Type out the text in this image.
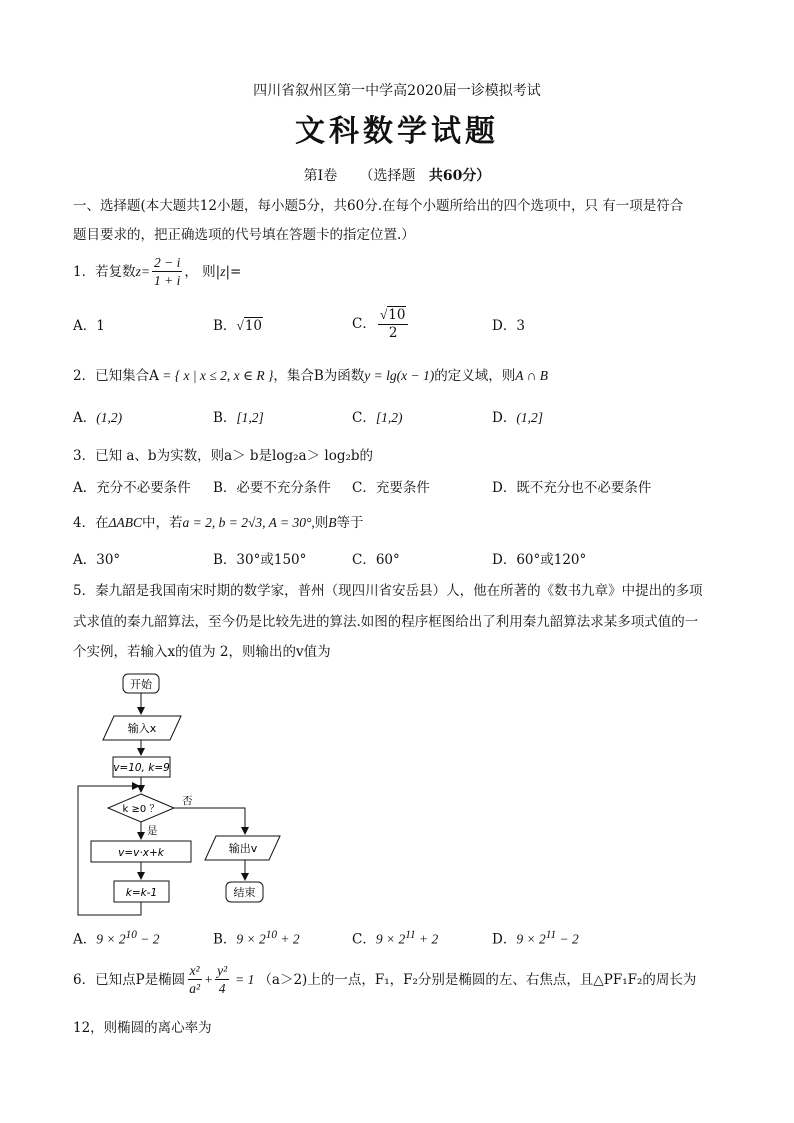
四川省叙州区第一中学高2020届一诊模拟考试
文科数学试题
第Ⅰ卷 （选择题 共60分）
一、选择题(本大题共12小题，每小题5分，共60分.在每个小题所给出的四个选项中，只 有一项是符合
题目要求的，把正确选项的代号填在答题卡的指定位置.）
1．若复数 $z = \frac{2 - i}{1 + i}$ ， 则| z |=
A．1	B．√10	C． $\frac{√10}{2}$	D．3
2．已知集合A = { x | x ≤ 2, x ∈ R }，集合B为函数y = lg(x − 1)的定义域，则A ∩ B
A．(1,2)	B．[1,2]	C．[1,2)	D．(1,2]
3．已知 a、b为实数，则a＞ b是log₂a＞ log₂b的
A．充分不必要条件 B．必要不充分条件 C．充要条件	D．既不充分也不必要条件
4．在ΔABC中，若a = 2, b = 2√3, A = 30°,则B等于
A．30°	B．30°或150°	C．60°	D．60°或120°
5．秦九韶是我国南宋时期的数学家，普州（现四川省安岳县）人，他在所著的《数书九章》中提出的多项
式求值的秦九韶算法，至今仍是比较先进的算法.如图的程序框图给出了利用秦九韶算法求某多项式值的一
个实例，若输入x的值为 2，则输出的v值为
开始
输入x
v=10, k=9
k ≥0 ？
否
是
v=v·x+k
k=k-1
输出v
结束
A．$9 \times 2^{10} - 2$	B．$9 \times 2^{10} + 2$	C．$9 \times 2^{11} + 2$	D．$9 \times 2^{11} - 2$
6．已知点P是椭圆 $\frac{\text{x²}}{\text{a²}} + \frac{\text{y²}}{4} = 1$ （a＞2)上的一点，F₁，F₂分别是椭圆的左、右焦点，且△PF₁F₂的周长为
12，则椭圆的离心率为
